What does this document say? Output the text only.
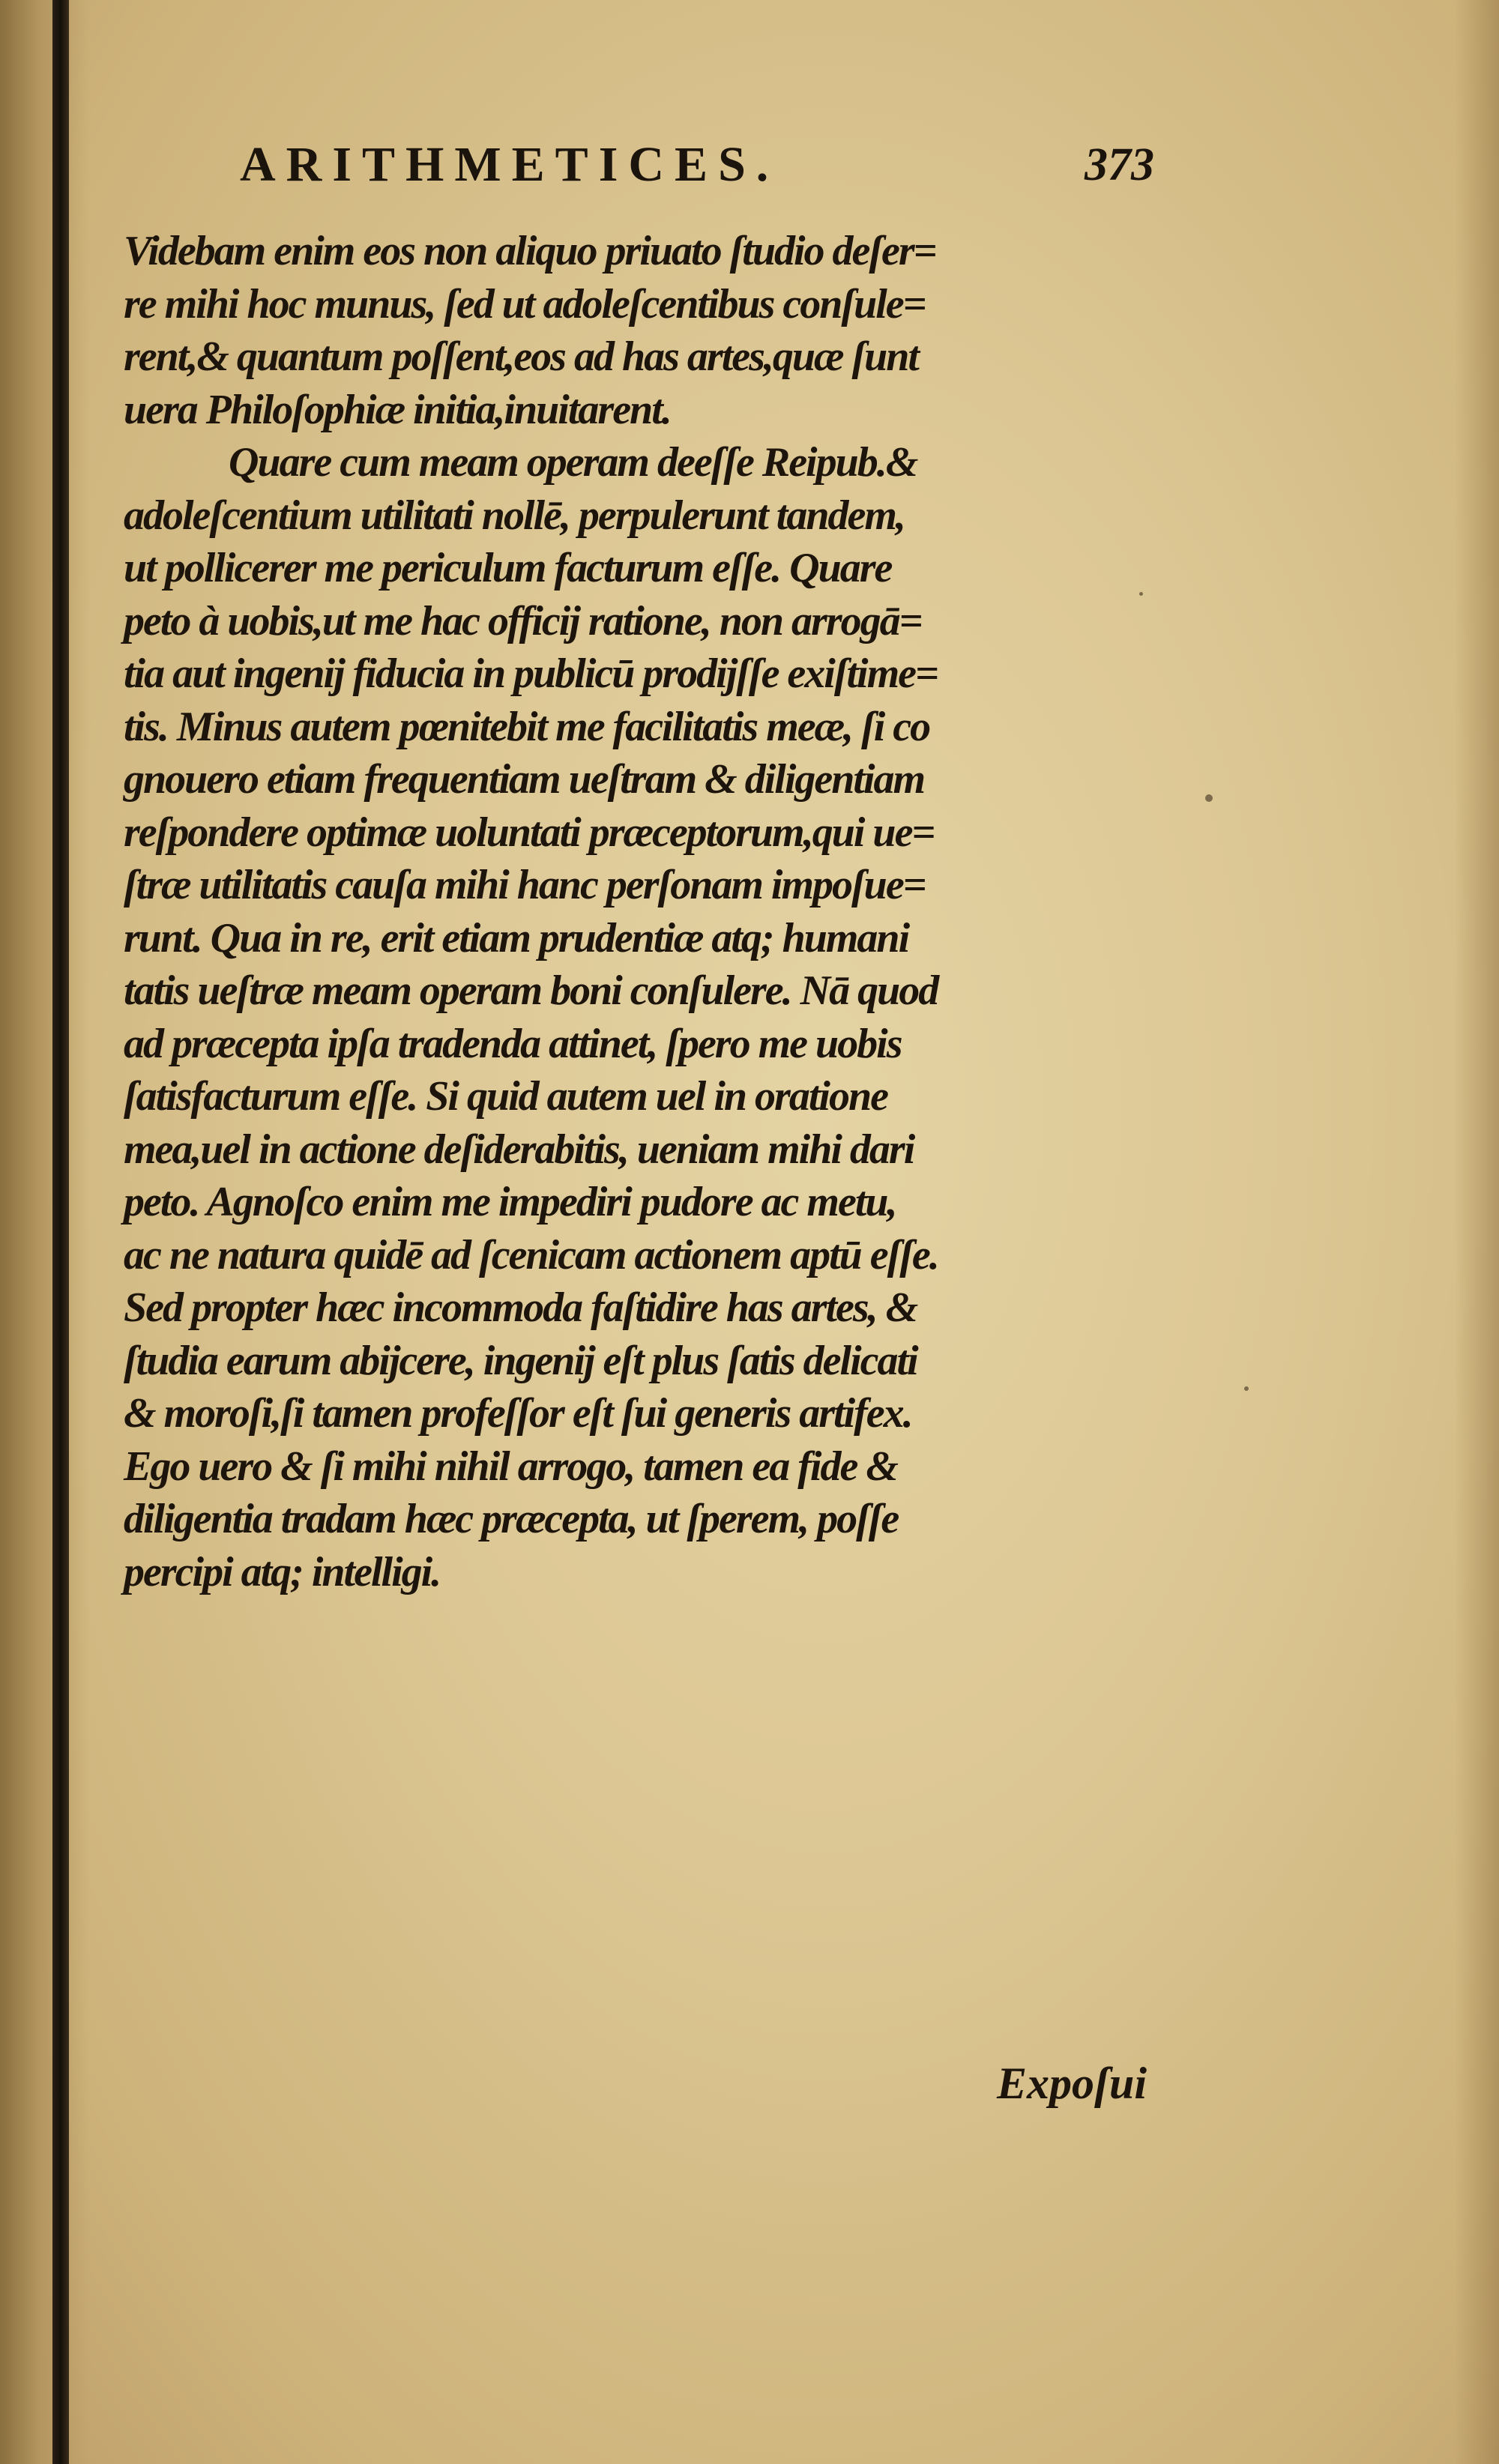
ARITHMETICES.	373
Videbam enim eos non aliquo priuato ſtudio deſer=
re mihi hoc munus, ſed ut adoleſcentibus conſule=
rent,& quantum poſſent,eos ad has artes,quæ ſunt
uera Philoſophiæ initia,inuitarent.
Quare cum meam operam deeſſe Reipub.&
adoleſcentium utilitati nollē, perpulerunt tandem,
ut pollicerer me periculum facturum eſſe. Quare
peto à uobis,ut me hac officij ratione, non arrogā=
tia aut ingenij fiducia in publicū prodijſſe exiſtime=
tis. Minus autem pœnitebit me facilitatis meæ, ſi co
gnouero etiam frequentiam ueſtram & diligentiam
reſpondere optimæ uoluntati præceptorum,qui ue=
ſtræ utilitatis cauſa mihi hanc perſonam impoſue=
runt. Qua in re, erit etiam prudentiæ atq; humani
tatis ueſtræ meam operam boni conſulere. Nā quod
ad præcepta ipſa tradenda attinet, ſpero me uobis
ſatisfacturum eſſe. Si quid autem uel in oratione
mea,uel in actione deſiderabitis, ueniam mihi dari
peto. Agnoſco enim me impediri pudore ac metu,
ac ne natura quidē ad ſcenicam actionem aptū eſſe.
Sed propter hæc incommoda faſtidire has artes, &
ſtudia earum abijcere, ingenij eſt plus ſatis delicati
& moroſi,ſi tamen profeſſor eſt ſui generis artifex.
Ego uero & ſi mihi nihil arrogo, tamen ea fide &
diligentia tradam hæc præcepta, ut ſperem, poſſe
percipi atq; intelligi.
Expoſui
